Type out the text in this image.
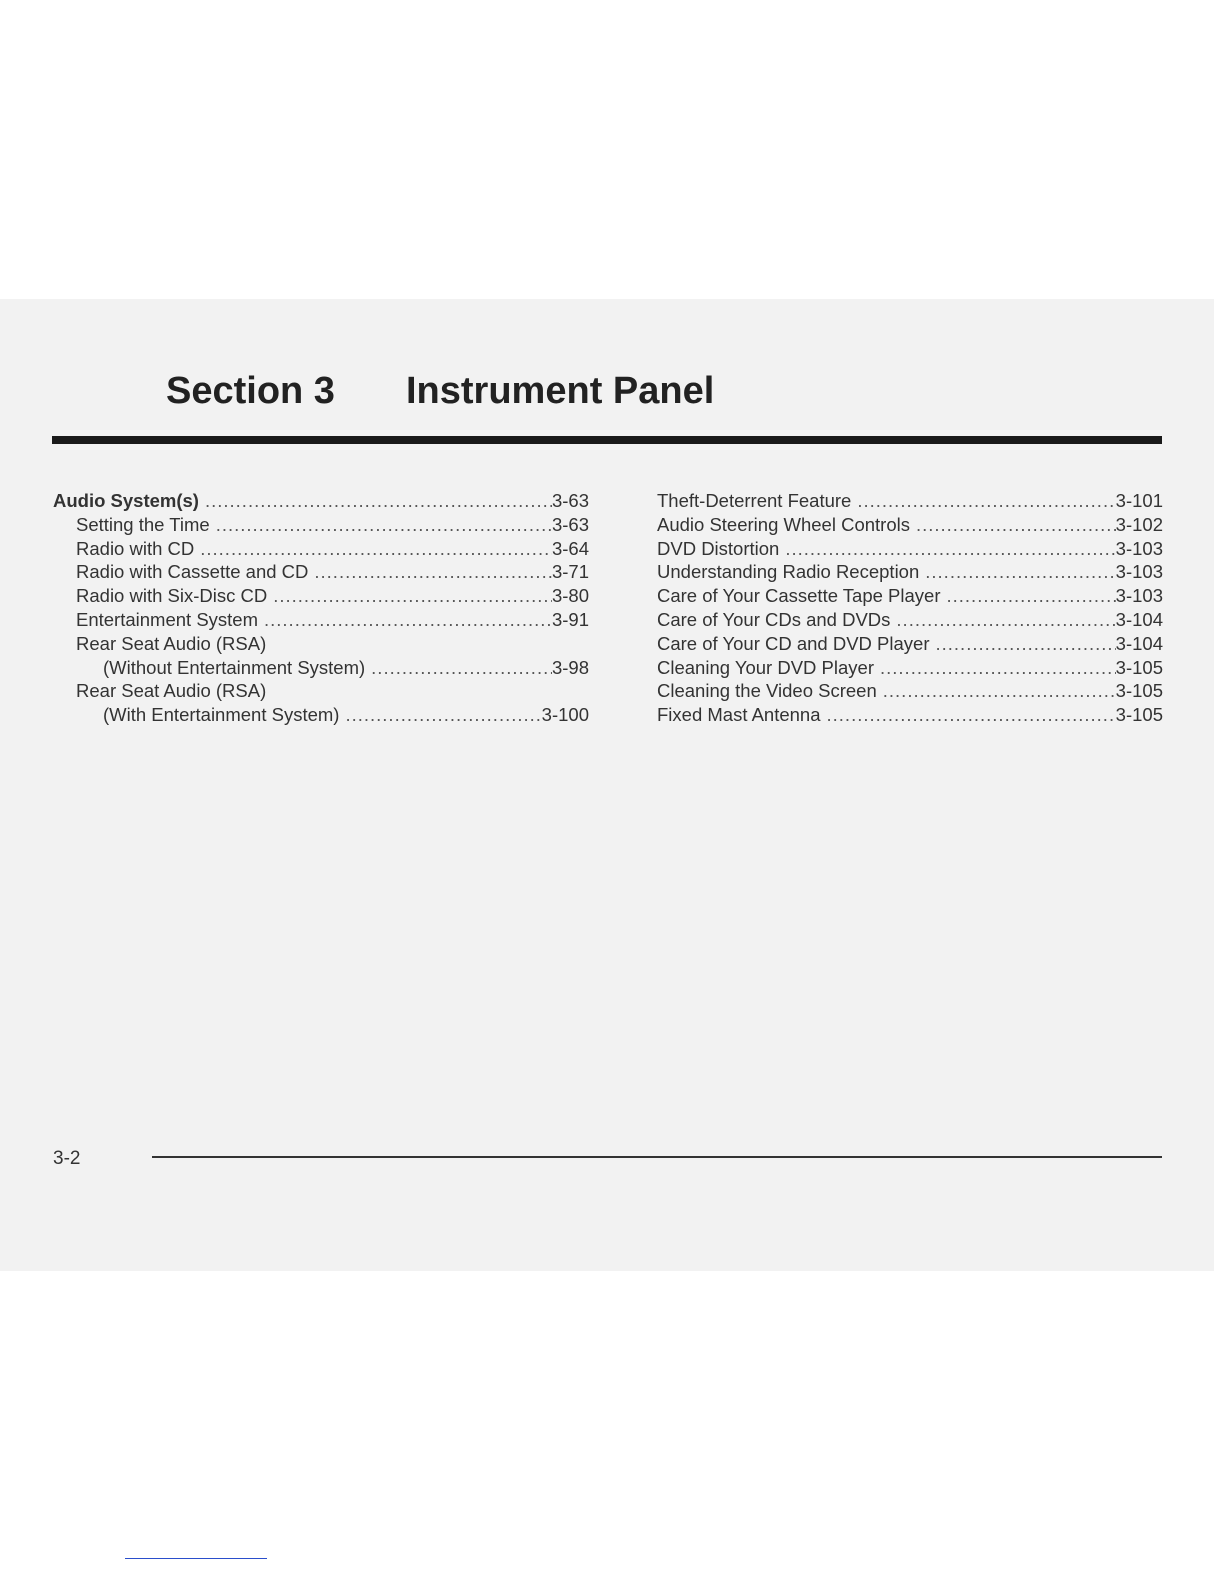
Section 3 Instrument Panel
Audio System(s) .....	3-63
Setting the Time .....	3-63
Radio with CD .....	3-64
Radio with Cassette and CD .....	3-71
Radio with Six-Disc CD .....	3-80
Entertainment System .....	3-91
Rear Seat Audio (RSA)
(Without Entertainment System) .....	3-98
Rear Seat Audio (RSA)
(With Entertainment System) .....	3-100
Theft-Deterrent Feature .....	3-101
Audio Steering Wheel Controls .....	3-102
DVD Distortion .....	3-103
Understanding Radio Reception .....	3-103
Care of Your Cassette Tape Player .....	3-103
Care of Your CDs and DVDs .....	3-104
Care of Your CD and DVD Player .....	3-104
Cleaning Your DVD Player .....	3-105
Cleaning the Video Screen .....	3-105
Fixed Mast Antenna .....	3-105
3-2
